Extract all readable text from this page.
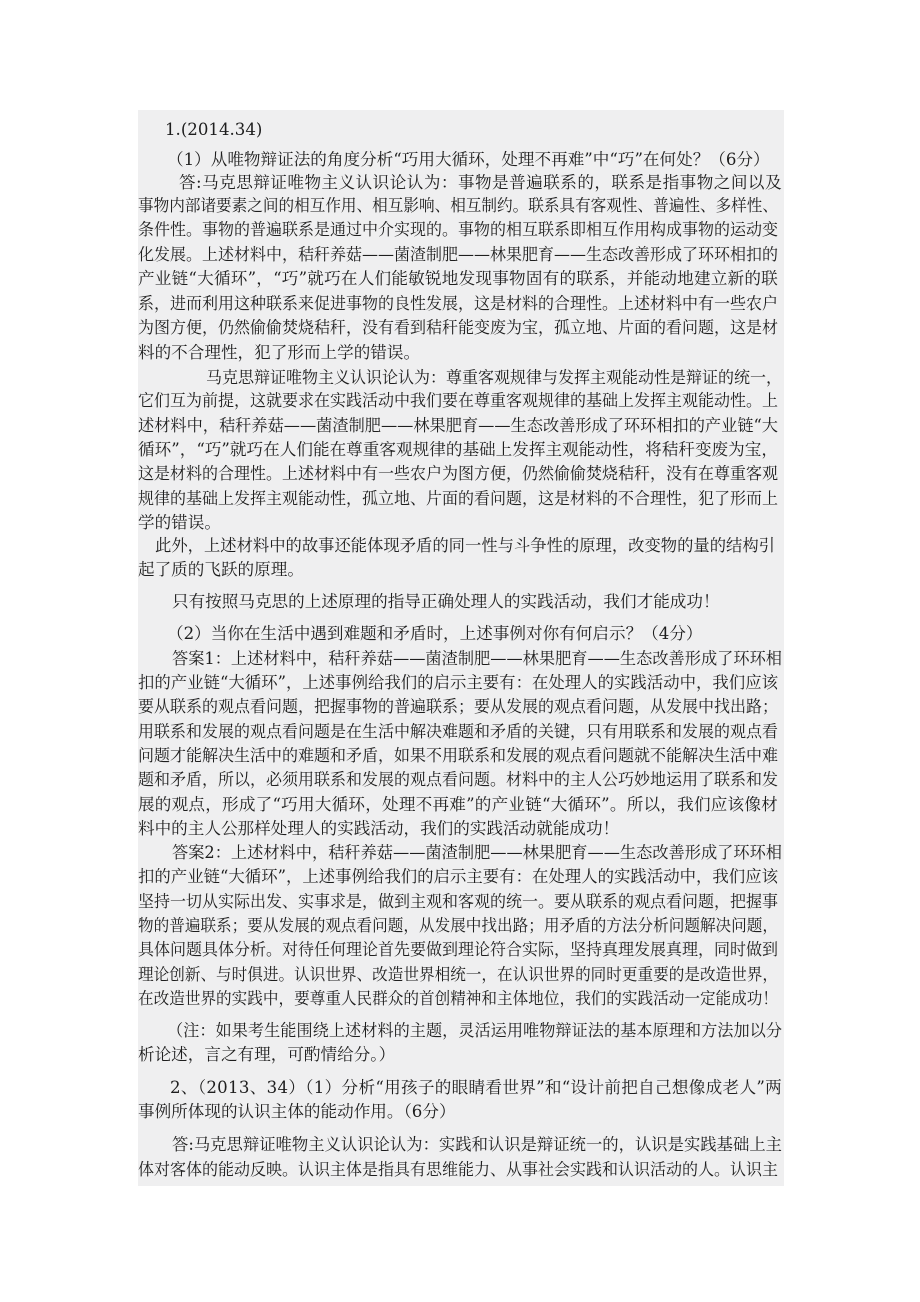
1.(2014.34)
（1）从唯物辩证法的角度分析“巧用大循环，处理不再难”中“巧”在何处？（6分）
答:马克思辩证唯物主义认识论认为：事物是普遍联系的，联系是指事物之间以及
事物内部诸要素之间的相互作用、相互影响、相互制约。联系具有客观性、普遍性、多样性、
条件性。事物的普遍联系是通过中介实现的。事物的相互联系即相互作用构成事物的运动变
化发展。上述材料中，秸秆养菇——菌渣制肥——林果肥育——生态改善形成了环环相扣的
产业链“大循环”，“巧”就巧在人们能敏锐地发现事物固有的联系，并能动地建立新的联
系，进而利用这种联系来促进事物的良性发展，这是材料的合理性。上述材料中有一些农户
为图方便，仍然偷偷焚烧秸秆，没有看到秸秆能变废为宝，孤立地、片面的看问题，这是材
料的不合理性，犯了形而上学的错误。
马克思辩证唯物主义认识论认为：尊重客观规律与发挥主观能动性是辩证的统一，
它们互为前提，这就要求在实践活动中我们要在尊重客观规律的基础上发挥主观能动性。上
述材料中，秸秆养菇——菌渣制肥——林果肥育——生态改善形成了环环相扣的产业链“大
循环”，“巧”就巧在人们能在尊重客观规律的基础上发挥主观能动性，将秸秆变废为宝，
这是材料的合理性。上述材料中有一些农户为图方便，仍然偷偷焚烧秸秆，没有在尊重客观
规律的基础上发挥主观能动性，孤立地、片面的看问题，这是材料的不合理性，犯了形而上
学的错误。
此外，上述材料中的故事还能体现矛盾的同一性与斗争性的原理，改变物的量的结构引
起了质的飞跃的原理。
只有按照马克思的上述原理的指导正确处理人的实践活动，我们才能成功！
（2）当你在生活中遇到难题和矛盾时，上述事例对你有何启示？（4分）
答案1：上述材料中，秸秆养菇——菌渣制肥——林果肥育——生态改善形成了环环相
扣的产业链“大循环”，上述事例给我们的启示主要有：在处理人的实践活动中，我们应该
要从联系的观点看问题，把握事物的普遍联系；要从发展的观点看问题，从发展中找出路；
用联系和发展的观点看问题是在生活中解决难题和矛盾的关键，只有用联系和发展的观点看
问题才能解决生活中的难题和矛盾，如果不用联系和发展的观点看问题就不能解决生活中难
题和矛盾，所以，必须用联系和发展的观点看问题。材料中的主人公巧妙地运用了联系和发
展的观点，形成了“巧用大循环，处理不再难”的产业链“大循环”。所以，我们应该像材
料中的主人公那样处理人的实践活动，我们的实践活动就能成功！
答案2：上述材料中，秸秆养菇——菌渣制肥——林果肥育——生态改善形成了环环相
扣的产业链“大循环”，上述事例给我们的启示主要有：在处理人的实践活动中，我们应该
坚持一切从实际出发、实事求是，做到主观和客观的统一。要从联系的观点看问题，把握事
物的普遍联系；要从发展的观点看问题，从发展中找出路；用矛盾的方法分析问题解决问题，
具体问题具体分析。对待任何理论首先要做到理论符合实际，坚持真理发展真理，同时做到
理论创新、与时俱进。认识世界、改造世界相统一，在认识世界的同时更重要的是改造世界，
在改造世界的实践中，要尊重人民群众的首创精神和主体地位，我们的实践活动一定能成功！
（注：如果考生能围绕上述材料的主题，灵活运用唯物辩证法的基本原理和方法加以分
析论述，言之有理，可酌情给分。）
2、（2013、34）（1）分析“用孩子的眼睛看世界”和“设计前把自己想像成老人”两
事例所体现的认识主体的能动作用。（6分）
答:马克思辩证唯物主义认识论认为：实践和认识是辩证统一的，认识是实践基础上主
体对客体的能动反映。认识主体是指具有思维能力、从事社会实践和认识活动的人。认识主
